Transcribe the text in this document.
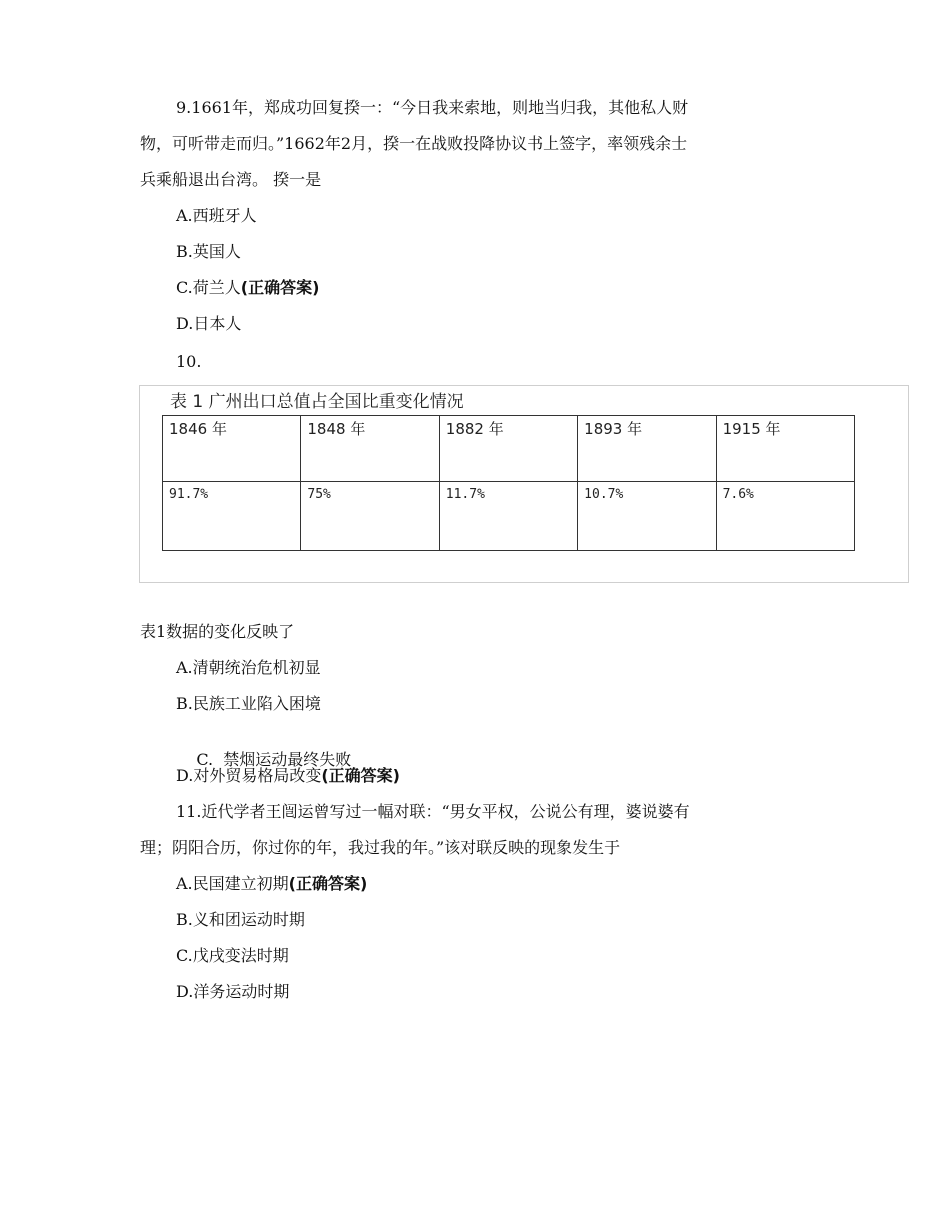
9.1661年，郑成功回复揆一：“今日我来索地，则地当归我，其他私人财
物，可听带走而归。”1662年2月，揆一在战败投降协议书上签字，率领残余士
兵乘船退出台湾。 揆一是
A.西班牙人
B.英国人
C.荷兰人(正确答案)
D.日本人
10.
表 1 广州出口总值占全国比重变化情况
1846 年	1848 年	1882 年	1893 年	1915 年
91.7%	75%	11.7%	10.7%	7.6%
表1数据的变化反映了
A.清朝统治危机初显
B.民族工业陷入困境

C.  禁烟运动最终失败

D.对外贸易格局改变(正确答案)
11.近代学者王闿运曾写过一幅对联：“男女平权，公说公有理，婆说婆有
理；阴阳合历，你过你的年，我过我的年。”该对联反映的现象发生于
A.民国建立初期(正确答案)
B.义和团运动时期
C.戊戌变法时期
D.洋务运动时期
